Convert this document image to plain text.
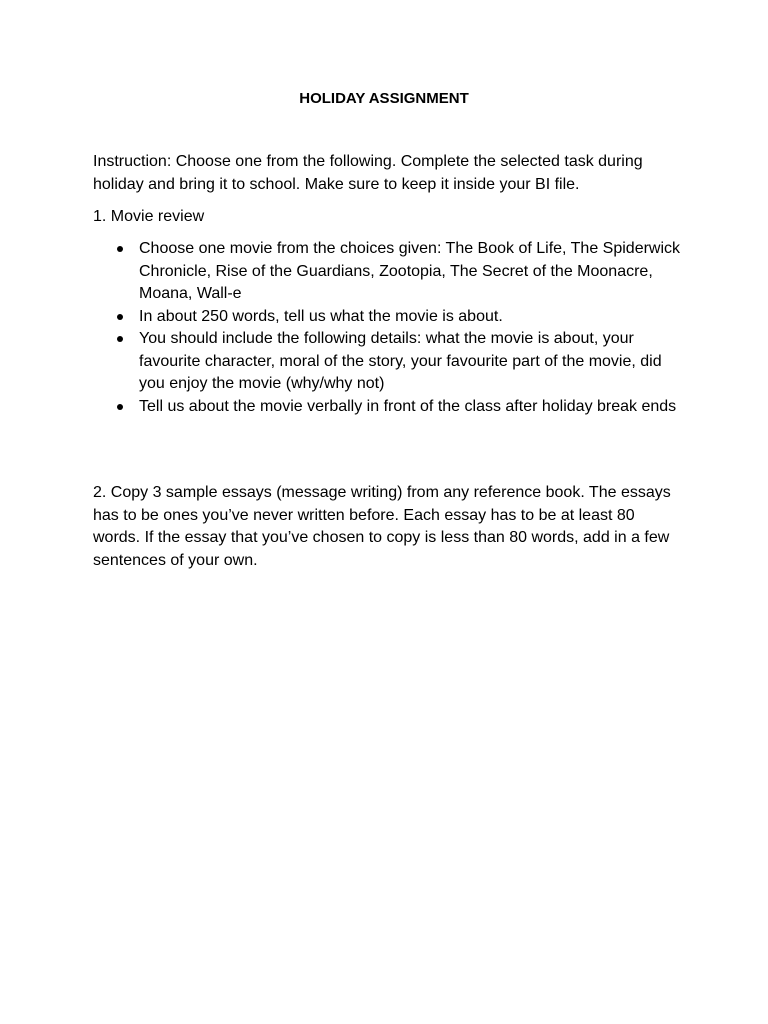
HOLIDAY ASSIGNMENT

Instruction: Choose one from the following. Complete the selected task during holiday and bring it to school. Make sure to keep it inside your BI file.

1. Movie review

Choose one movie from the choices given: The Book of Life, The Spiderwick Chronicle, Rise of the Guardians, Zootopia, The Secret of the Moonacre, Moana, Wall-e
In about 250 words, tell us what the movie is about.
You should include the following details: what the movie is about, your favourite character, moral of the story, your favourite part of the movie, did you enjoy the movie (why/why not)
Tell us about the movie verbally in front of the class after holiday break ends

2. Copy 3 sample essays (message writing) from any reference book. The essays has to be ones you’ve never written before. Each essay has to be at least 80 words. If the essay that you’ve chosen to copy is less than 80 words, add in a few sentences of your own.
